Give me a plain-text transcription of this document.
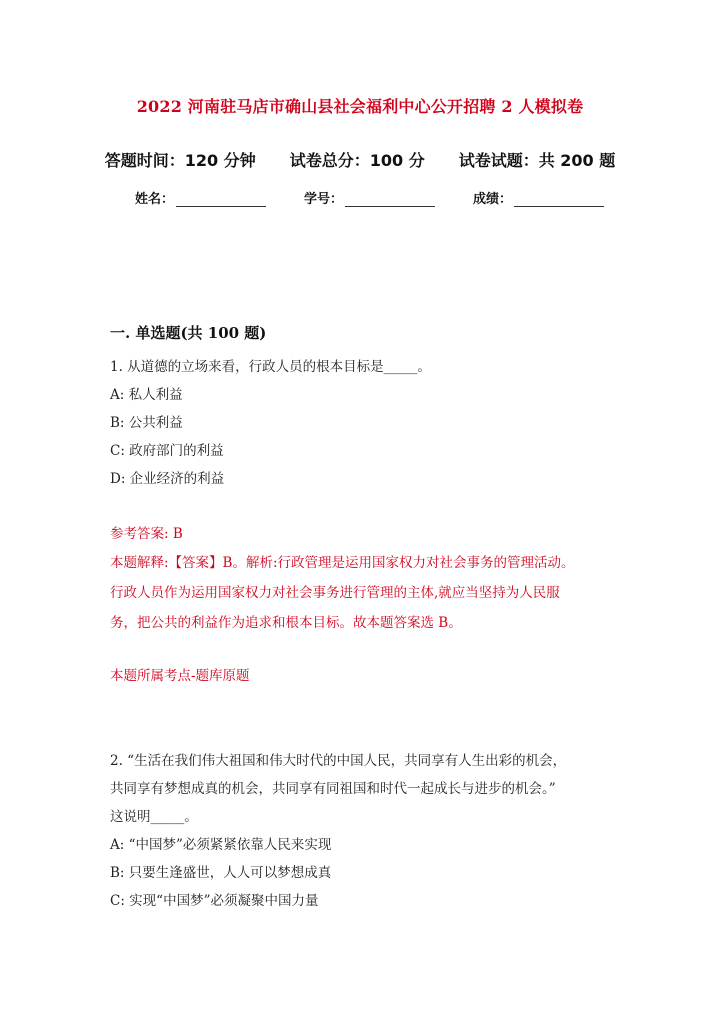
2022 河南驻马店市确山县社会福利中心公开招聘 2 人模拟卷
答题时间：120 分钟 试卷总分：100 分 试卷试题：共 200 题
姓名：	学号：	成绩：
一. 单选题(共 100 题)
1. 从道德的立场来看，行政人员的根本目标是_____。
A: 私人利益
B: 公共利益
C: 政府部门的利益
D: 企业经济的利益
参考答案: B
本题解释:【答案】B。解析:行政管理是运用国家权力对社会事务的管理活动。
行政人员作为运用国家权力对社会事务进行管理的主体,就应当坚持为人民服
务，把公共的利益作为追求和根本目标。故本题答案选 B。
本题所属考点-题库原题
2. “生活在我们伟大祖国和伟大时代的中国人民，共同享有人生出彩的机会，
共同享有梦想成真的机会，共同享有同祖国和时代一起成长与进步的机会。”
这说明_____。
A: “中国梦”必须紧紧依靠人民来实现
B: 只要生逢盛世，人人可以梦想成真
C: 实现“中国梦”必须凝聚中国力量
